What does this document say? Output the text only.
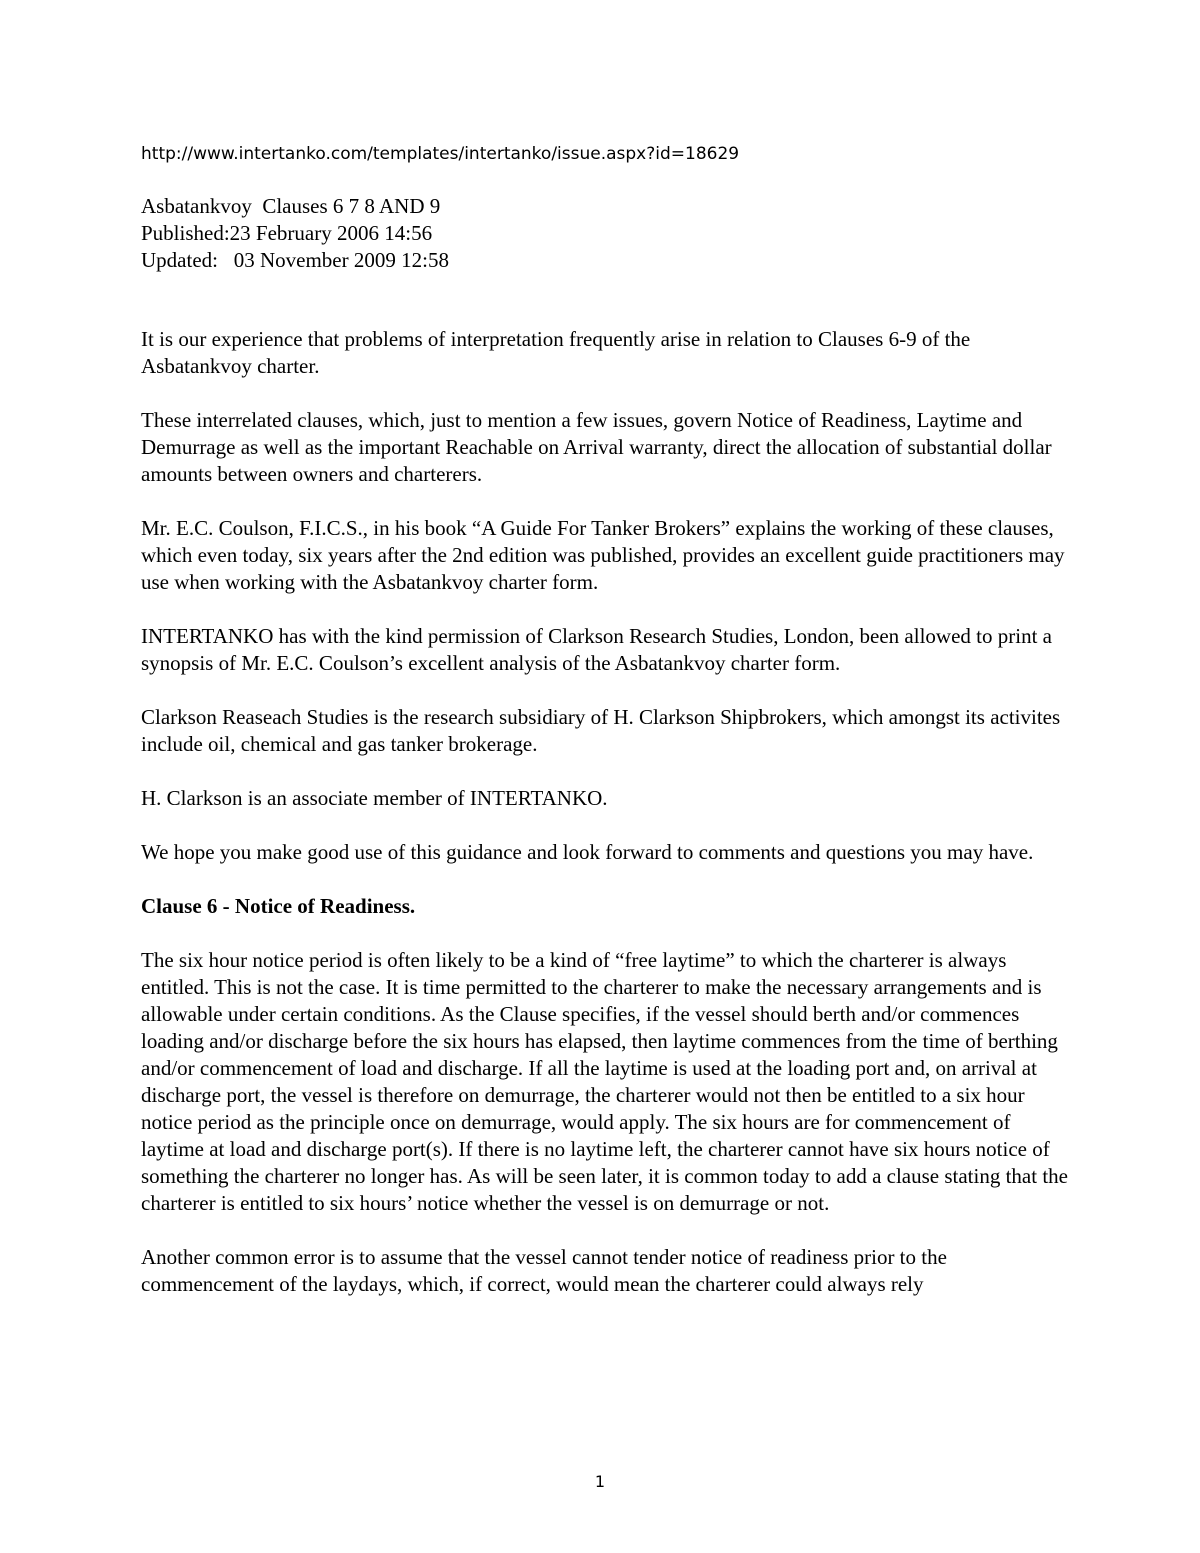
http://www.intertanko.com/templates/intertanko/issue.aspx?id=18629

Asbatankvoy  Clauses 6 7 8 AND 9

Published:23 February 2006 14:56

Updated:   03 November 2009 12:58

It is our experience that problems of interpretation frequently arise in relation to Clauses 6-9 of the Asbatankvoy charter.

These interrelated clauses, which, just to mention a few issues, govern Notice of Readiness, Laytime and Demurrage as well as the important Reachable on Arrival warranty, direct the allocation of substantial dollar amounts between owners and charterers.

Mr. E.C. Coulson, F.I.C.S., in his book “A Guide For Tanker Brokers” explains the working of these clauses, which even today, six years after the 2nd edition was published, provides an excellent guide practitioners may use when working with the Asbatankvoy charter form.

INTERTANKO has with the kind permission of Clarkson Research Studies, London, been allowed to print a synopsis of Mr. E.C. Coulson’s excellent analysis of the Asbatankvoy charter form.

Clarkson Reaseach Studies is the research subsidiary of H. Clarkson Shipbrokers, which amongst its activites include oil, chemical and gas tanker brokerage.

H. Clarkson is an associate member of INTERTANKO.

We hope you make good use of this guidance and look forward to comments and questions you may have.

Clause 6 - Notice of Readiness.

The six hour notice period is often likely to be a kind of “free laytime” to which the charterer is always entitled. This is not the case. It is time permitted to the charterer to make the necessary arrangements and is allowable under certain conditions. As the Clause specifies, if the vessel should berth and/or commences loading and/or discharge before the six hours has elapsed, then laytime commences from the time of berthing and/or commencement of load and discharge. If all the laytime is used at the loading port and, on arrival at discharge port, the vessel is therefore on demurrage, the charterer would not then be entitled to a six hour notice period as the principle once on demurrage, would apply. The six hours are for commencement of laytime at load and discharge port(s). If there is no laytime left, the charterer cannot have six hours notice of something the charterer no longer has. As will be seen later, it is common today to add a clause stating that the charterer is entitled to six hours’ notice whether the vessel is on demurrage or not.

Another common error is to assume that the vessel cannot tender notice of readiness prior to the commencement of the laydays, which, if correct, would mean the charterer could always rely

1
